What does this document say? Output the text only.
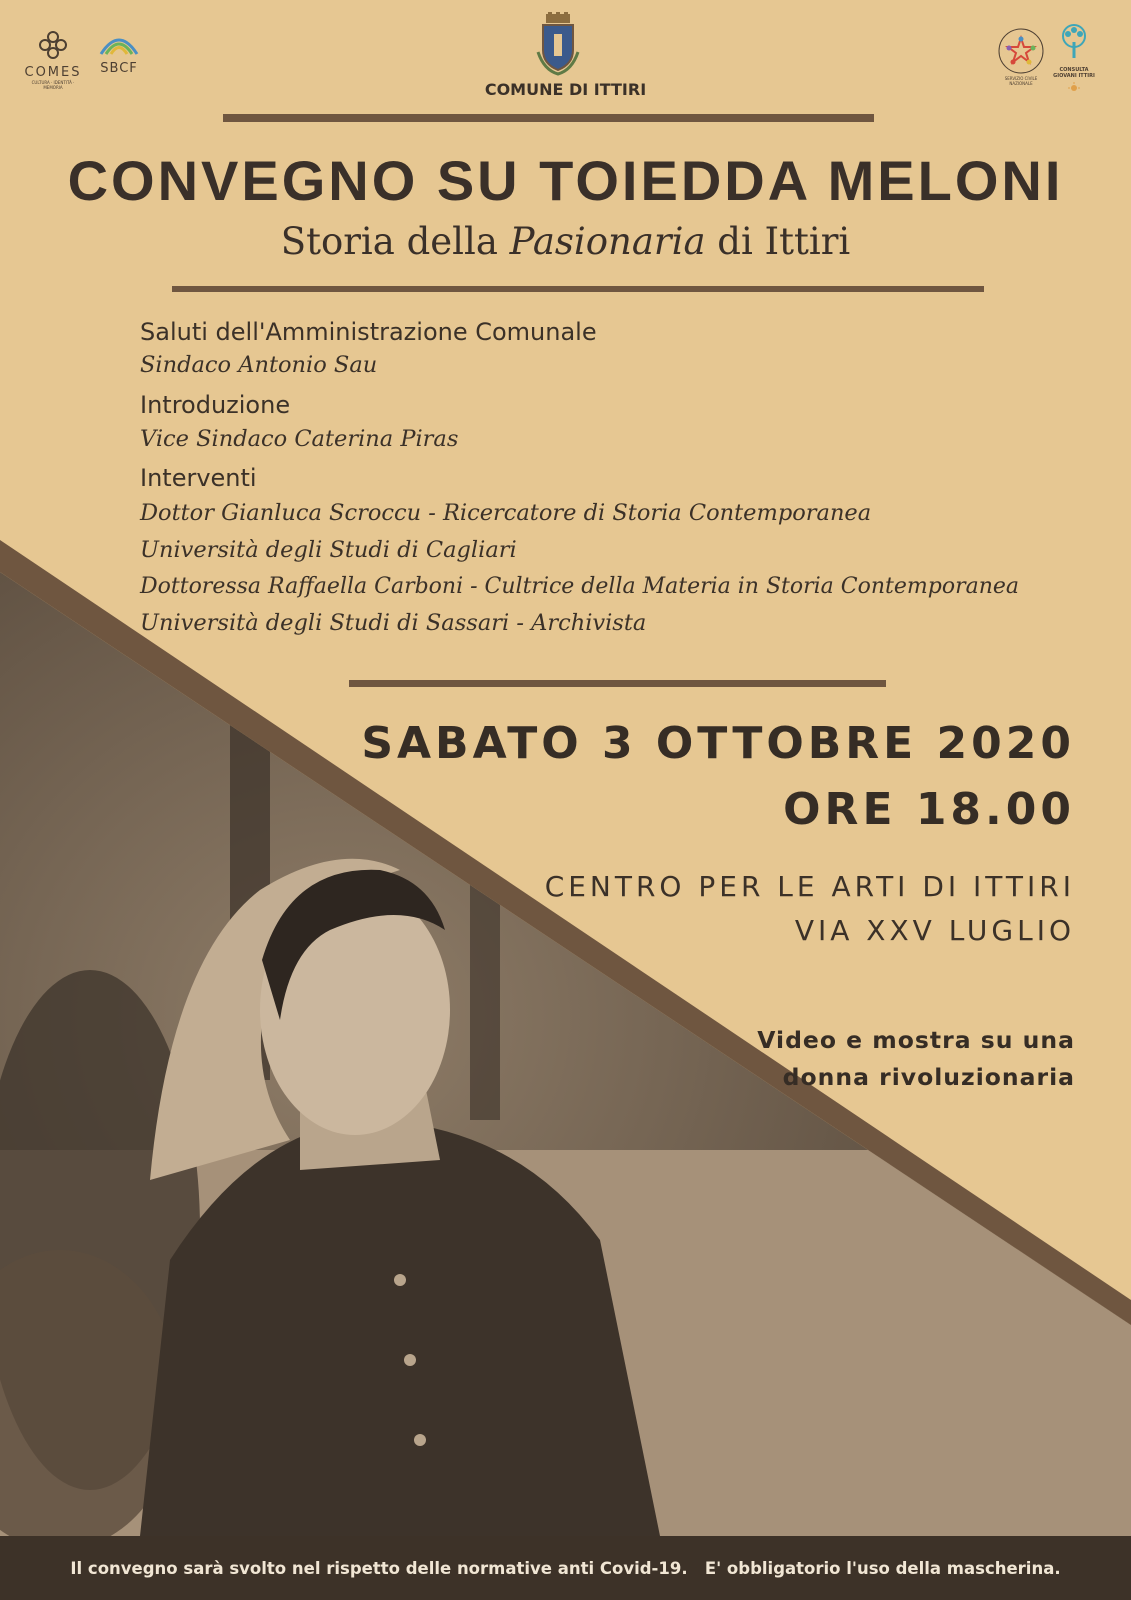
COMES
CULTURA · IDENTITÀ · MEMORIA
SBCF
COMUNE DI ITTIRI
SERVIZIO CIVILE NAZIONALE
CONSULTA GIOVANI ITTIRI
CONVEGNO SU TOIEDDA MELONI
Storia della Pasionaria di Ittiri
Saluti dell'Amministrazione Comunale
Sindaco Antonio Sau
Introduzione
Vice Sindaco Caterina Piras
Interventi
Dottor Gianluca Scroccu - Ricercatore di Storia Contemporanea
Università degli Studi di Cagliari
Dottoressa Raffaella Carboni - Cultrice della Materia in Storia Contemporanea
Università degli Studi di Sassari - Archivista
SABATO 3 OTTOBRE 2020
ORE 18.00
CENTRO PER LE ARTI DI ITTIRI
VIA XXV LUGLIO
Video e mostra su una
donna rivoluzionaria
Il convegno sarà svolto nel rispetto delle normative anti Covid-19.   E' obbligatorio l'uso della mascherina.
